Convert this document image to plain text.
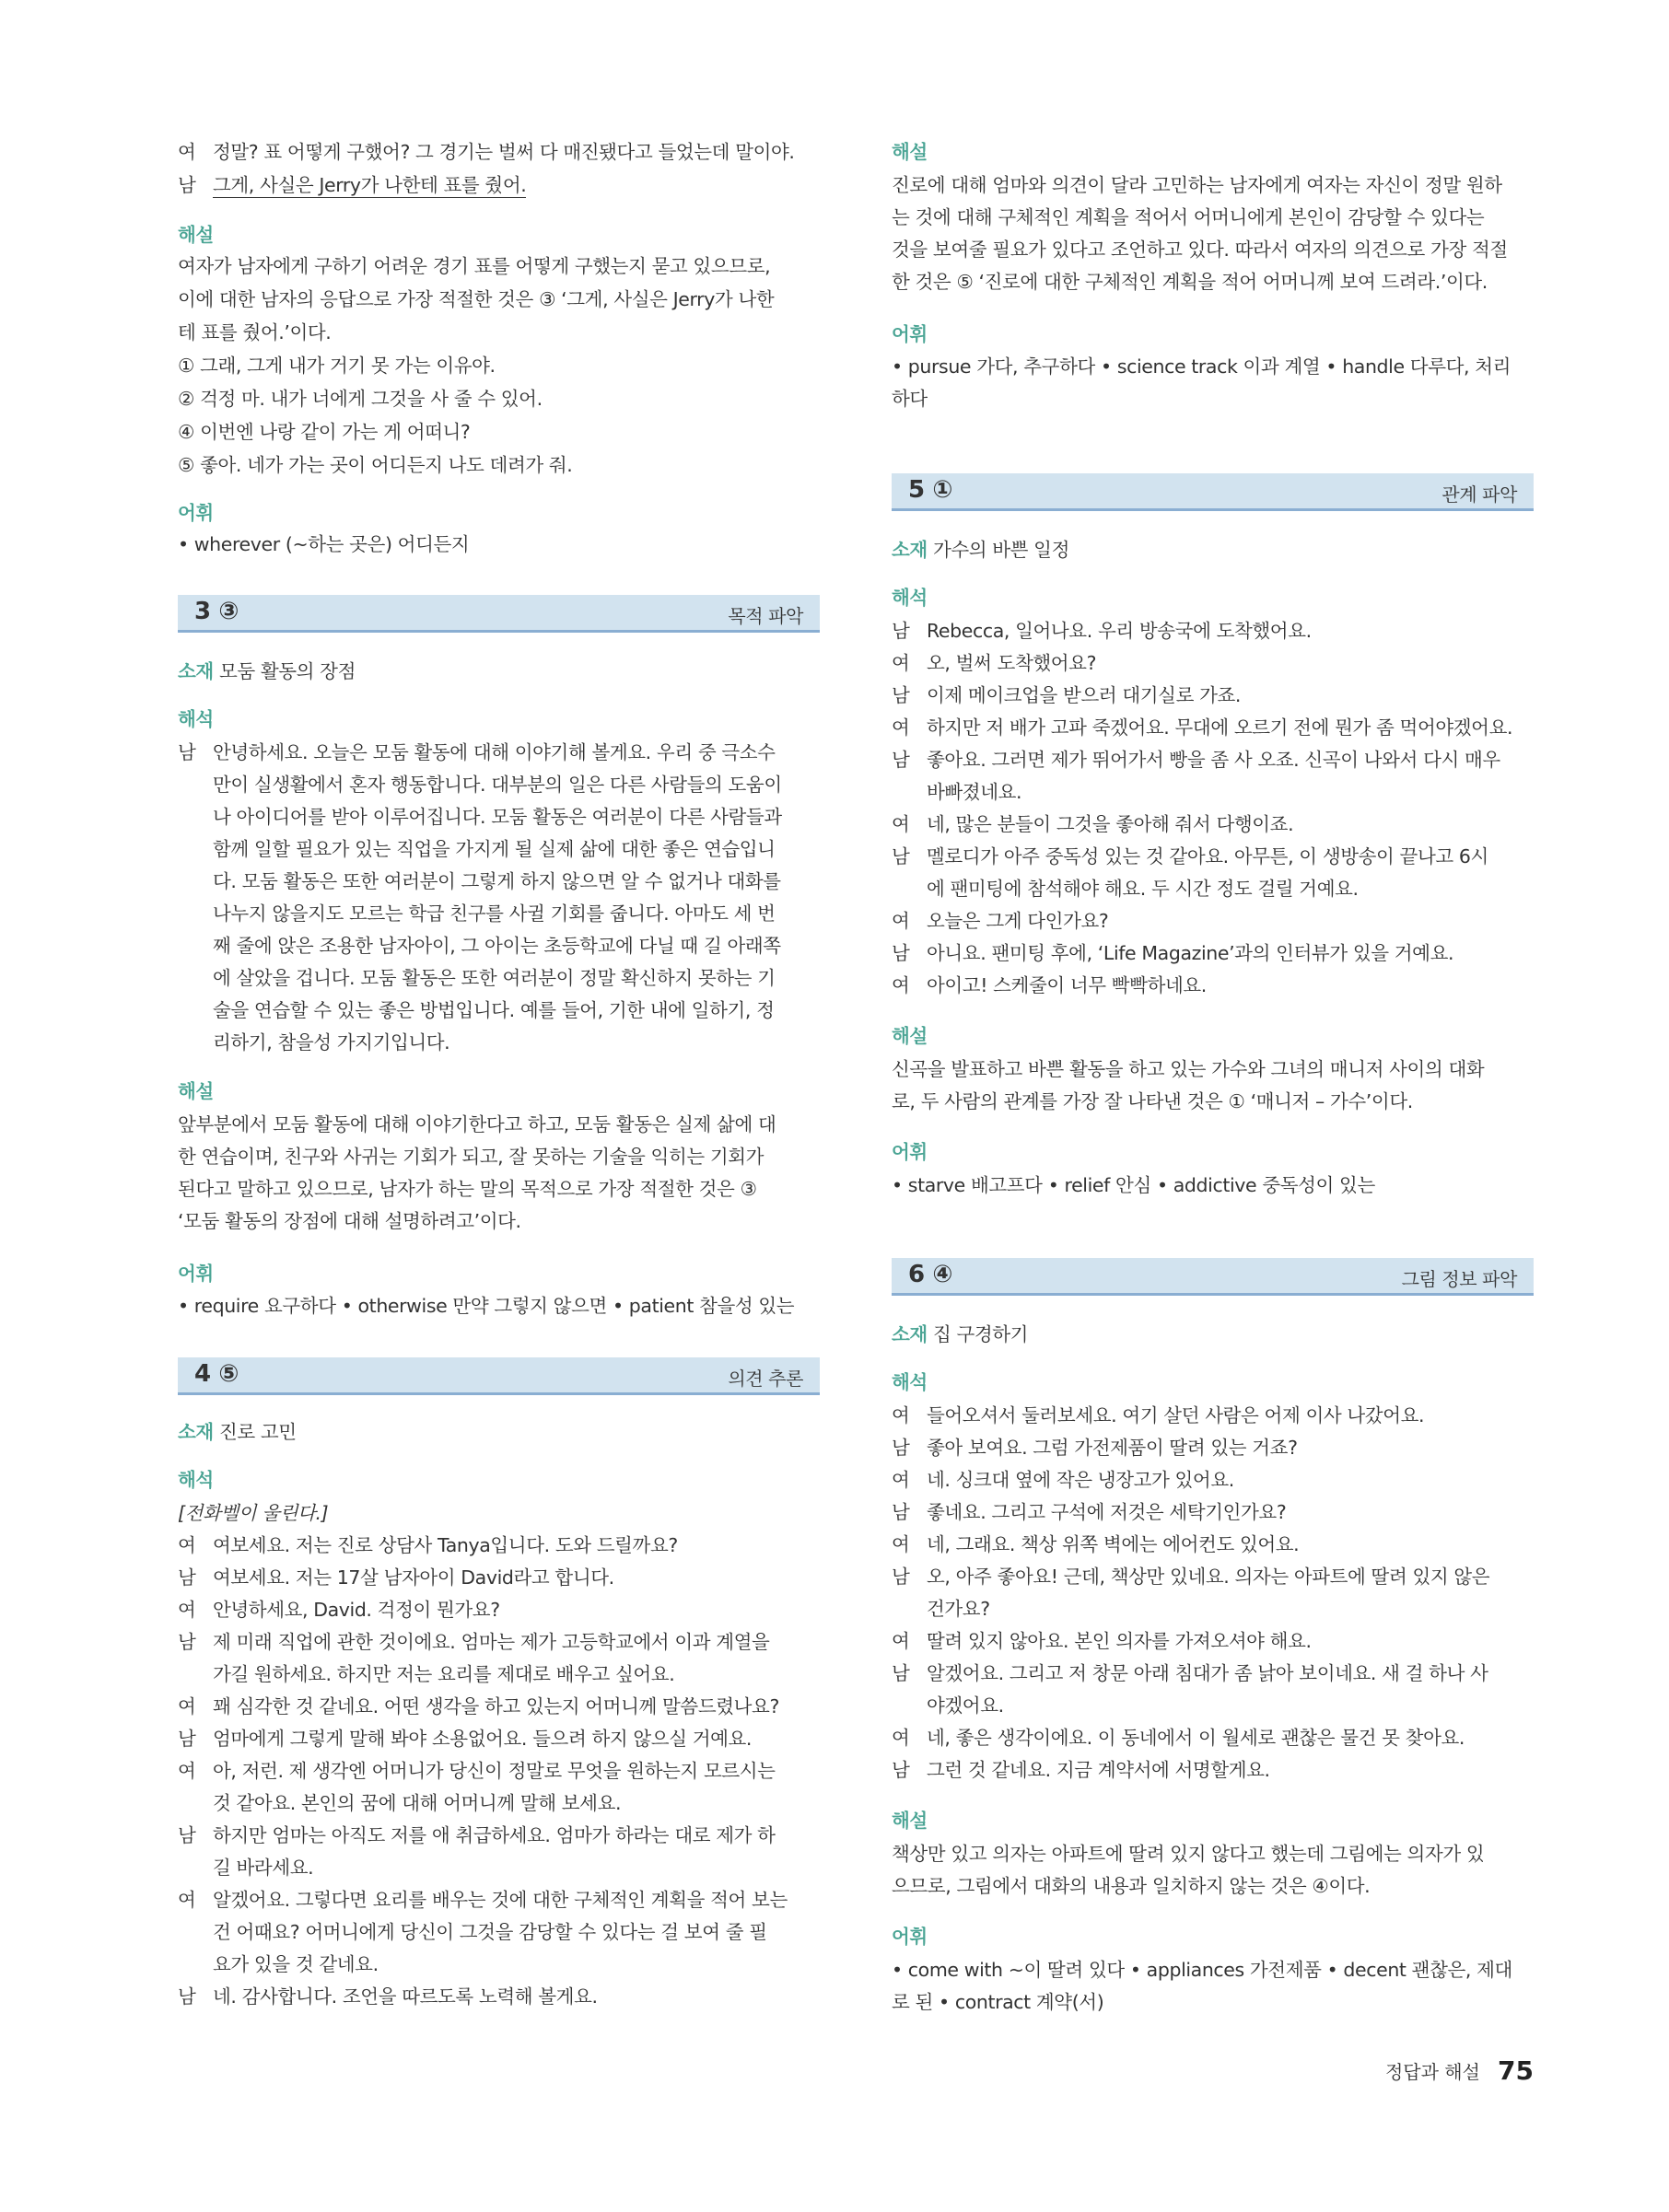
여 정말? 표 어떻게 구했어? 그 경기는 벌써 다 매진됐다고 들었는데 말이야.
남 그게, 사실은 Jerry가 나한테 표를 줬어.
해설
여자가 남자에게 구하기 어려운 경기 표를 어떻게 구했는지 묻고 있으므로,
이에 대한 남자의 응답으로 가장 적절한 것은 ③ ‘그게, 사실은 Jerry가 나한
테 표를 줬어.’이다.
① 그래, 그게 내가 거기 못 가는 이유야.
② 걱정 마. 내가 너에게 그것을 사 줄 수 있어.
④ 이번엔 나랑 같이 가는 게 어떠니?
⑤ 좋아. 네가 가는 곳이 어디든지 나도 데려가 줘.
어휘
• wherever (~하는 곳은) 어디든지
3 ③	목적 파악
소재 모둠 활동의 장점
해석
남 안녕하세요. 오늘은 모둠 활동에 대해 이야기해 볼게요. 우리 중 극소수
만이 실생활에서 혼자 행동합니다. 대부분의 일은 다른 사람들의 도움이
나 아이디어를 받아 이루어집니다. 모둠 활동은 여러분이 다른 사람들과
함께 일할 필요가 있는 직업을 가지게 될 실제 삶에 대한 좋은 연습입니
다. 모둠 활동은 또한 여러분이 그렇게 하지 않으면 알 수 없거나 대화를
나누지 않을지도 모르는 학급 친구를 사귈 기회를 줍니다. 아마도 세 번
째 줄에 앉은 조용한 남자아이, 그 아이는 초등학교에 다닐 때 길 아래쪽
에 살았을 겁니다. 모둠 활동은 또한 여러분이 정말 확신하지 못하는 기
술을 연습할 수 있는 좋은 방법입니다. 예를 들어, 기한 내에 일하기, 정
리하기, 참을성 가지기입니다.
해설
앞부분에서 모둠 활동에 대해 이야기한다고 하고, 모둠 활동은 실제 삶에 대
한 연습이며, 친구와 사귀는 기회가 되고, 잘 못하는 기술을 익히는 기회가
된다고 말하고 있으므로, 남자가 하는 말의 목적으로 가장 적절한 것은 ③
‘모둠 활동의 장점에 대해 설명하려고’이다.
어휘
• require 요구하다 • otherwise 만약 그렇지 않으면 • patient 참을성 있는
4 ⑤	의견 추론
소재 진로 고민
해석
[전화벨이 울린다.]
여 여보세요. 저는 진로 상담사 Tanya입니다. 도와 드릴까요?
남 여보세요. 저는 17살 남자아이 David라고 합니다.
여 안녕하세요, David. 걱정이 뭔가요?
남 제 미래 직업에 관한 것이에요. 엄마는 제가 고등학교에서 이과 계열을
가길 원하세요. 하지만 저는 요리를 제대로 배우고 싶어요.
여 꽤 심각한 것 같네요. 어떤 생각을 하고 있는지 어머니께 말씀드렸나요?
남 엄마에게 그렇게 말해 봐야 소용없어요. 들으려 하지 않으실 거예요.
여 아, 저런. 제 생각엔 어머니가 당신이 정말로 무엇을 원하는지 모르시는
것 같아요. 본인의 꿈에 대해 어머니께 말해 보세요.
남 하지만 엄마는 아직도 저를 애 취급하세요. 엄마가 하라는 대로 제가 하
길 바라세요.
여 알겠어요. 그렇다면 요리를 배우는 것에 대한 구체적인 계획을 적어 보는
건 어때요? 어머니에게 당신이 그것을 감당할 수 있다는 걸 보여 줄 필
요가 있을 것 같네요.
남 네. 감사합니다. 조언을 따르도록 노력해 볼게요.
해설
진로에 대해 엄마와 의견이 달라 고민하는 남자에게 여자는 자신이 정말 원하
는 것에 대해 구체적인 계획을 적어서 어머니에게 본인이 감당할 수 있다는
것을 보여줄 필요가 있다고 조언하고 있다. 따라서 여자의 의견으로 가장 적절
한 것은 ⑤ ‘진로에 대한 구체적인 계획을 적어 어머니께 보여 드려라.’이다.
어휘
• pursue 가다, 추구하다 • science track 이과 계열 • handle 다루다, 처리
하다
5 ①	관계 파악
소재 가수의 바쁜 일정
해석
남 Rebecca, 일어나요. 우리 방송국에 도착했어요.
여 오, 벌써 도착했어요?
남 이제 메이크업을 받으러 대기실로 가죠.
여 하지만 저 배가 고파 죽겠어요. 무대에 오르기 전에 뭔가 좀 먹어야겠어요.
남 좋아요. 그러면 제가 뛰어가서 빵을 좀 사 오죠. 신곡이 나와서 다시 매우
바빠졌네요.
여 네, 많은 분들이 그것을 좋아해 줘서 다행이죠.
남 멜로디가 아주 중독성 있는 것 같아요. 아무튼, 이 생방송이 끝나고 6시
에 팬미팅에 참석해야 해요. 두 시간 정도 걸릴 거예요.
여 오늘은 그게 다인가요?
남 아니요. 팬미팅 후에, ‘Life Magazine’과의 인터뷰가 있을 거예요.
여 아이고! 스케줄이 너무 빡빡하네요.
해설
신곡을 발표하고 바쁜 활동을 하고 있는 가수와 그녀의 매니저 사이의 대화
로, 두 사람의 관계를 가장 잘 나타낸 것은 ① ‘매니저 – 가수’이다.
어휘
• starve 배고프다 • relief 안심 • addictive 중독성이 있는
6 ④	그림 정보 파악
소재 집 구경하기
해석
여 들어오셔서 둘러보세요. 여기 살던 사람은 어제 이사 나갔어요.
남 좋아 보여요. 그럼 가전제품이 딸려 있는 거죠?
여 네. 싱크대 옆에 작은 냉장고가 있어요.
남 좋네요. 그리고 구석에 저것은 세탁기인가요?
여 네, 그래요. 책상 위쪽 벽에는 에어컨도 있어요.
남 오, 아주 좋아요! 근데, 책상만 있네요. 의자는 아파트에 딸려 있지 않은
건가요?
여 딸려 있지 않아요. 본인 의자를 가져오셔야 해요.
남 알겠어요. 그리고 저 창문 아래 침대가 좀 낡아 보이네요. 새 걸 하나 사
야겠어요.
여 네, 좋은 생각이에요. 이 동네에서 이 월세로 괜찮은 물건 못 찾아요.
남 그런 것 같네요. 지금 계약서에 서명할게요.
해설
책상만 있고 의자는 아파트에 딸려 있지 않다고 했는데 그림에는 의자가 있
으므로, 그림에서 대화의 내용과 일치하지 않는 것은 ④이다.
어휘
• come with ~이 딸려 있다 • appliances 가전제품 • decent 괜찮은, 제대
로 된 • contract 계약(서)
정답과 해설 75
